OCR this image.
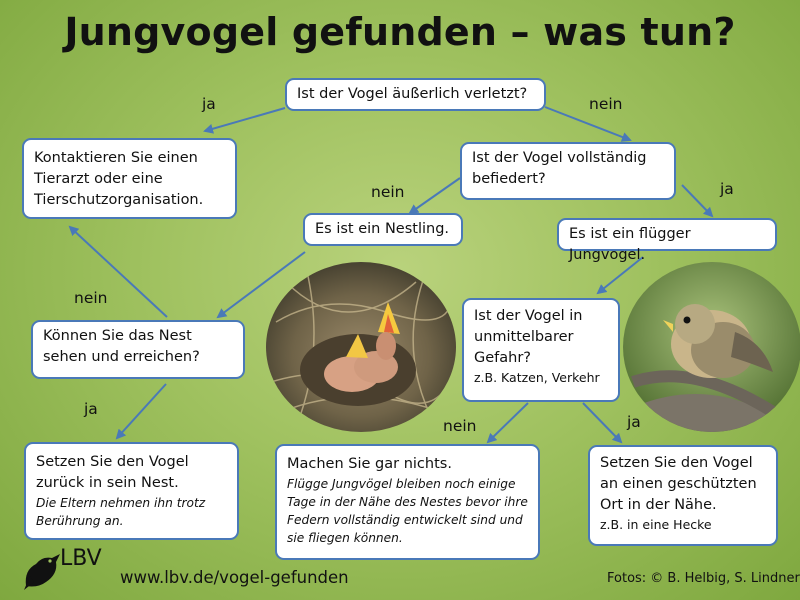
Jungvogel gefunden – was tun?
Ist der Vogel äußerlich verletzt?
Kontaktieren Sie einen Tierarzt oder eine Tierschutzorganisation.
Ist der Vogel vollständig befiedert?
Es ist ein Nestling.	Es ist ein flügger Jungvogel.
Können Sie das Nest sehen und erreichen?
Ist der Vogel in unmittelbarer Gefahr?
z.B. Katzen, Verkehr
Setzen Sie den Vogel zurück in sein Nest.
Die Eltern nehmen ihn trotz Berührung an.
Machen Sie gar nichts.
Flügge Jungvögel bleiben noch einige Tage in der Nähe des Nestes bevor ihre Federn vollständig entwickelt sind und sie fliegen können.
Setzen Sie den Vogel an einen geschützten Ort in der Nähe.
z.B. in eine Hecke
ja	nein
nein	ja
nein
ja
nein	ja
LBV
www.lbv.de/vogel-gefunden	Fotos: © B. Helbig, S. Lindner
